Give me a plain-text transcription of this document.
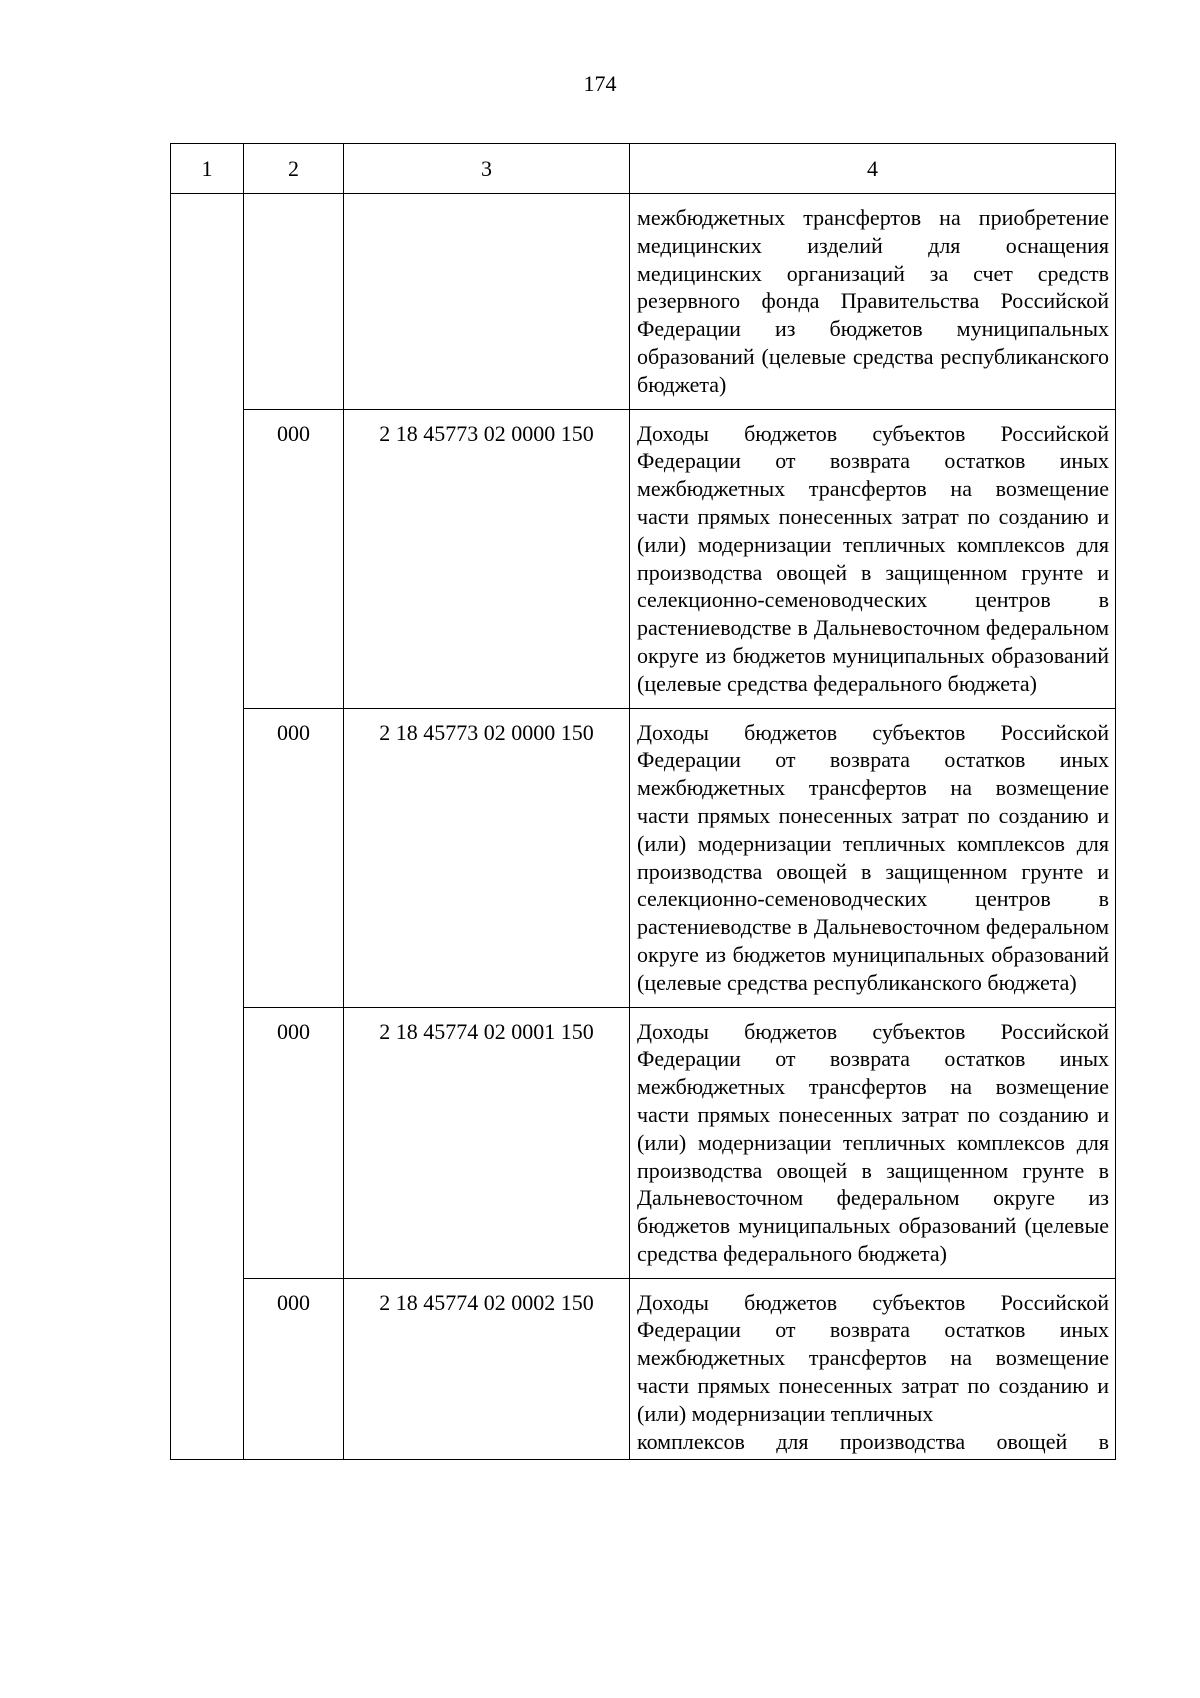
174
1	2	3	4
			межбюджетных трансфертов на приобретение медицинских изделий для оснащения медицинских организаций за счет средств резервного фонда Правительства Российской Федерации из бюджетов муниципальных образований (целевые средства республиканского бюджета)
	000	2 18 45773 02 0000 150	Доходы бюджетов субъектов Российской Федерации от возврата остатков иных межбюджетных трансфертов на возмещение части прямых понесенных затрат по созданию и (или) модернизации тепличных комплексов для производства овощей в защищенном грунте и селекционно-семеноводческих центров в растениеводстве в Дальневосточном федеральном округе из бюджетов муниципальных образований (целевые средства федерального бюджета)
	000	2 18 45773 02 0000 150	Доходы бюджетов субъектов Российской Федерации от возврата остатков иных межбюджетных трансфертов на возмещение части прямых понесенных затрат по созданию и (или) модернизации тепличных комплексов для производства овощей в защищенном грунте и селекционно-семеноводческих центров в растениеводстве в Дальневосточном федеральном округе из бюджетов муниципальных образований (целевые средства республиканского бюджета)
	000	2 18 45774 02 0001 150	Доходы бюджетов субъектов Российской Федерации от возврата остатков иных межбюджетных трансфертов на возмещение части прямых понесенных затрат по созданию и (или) модернизации тепличных комплексов для производства овощей в защищенном грунте в Дальневосточном федеральном округе из бюджетов муниципальных образований (целевые средства федерального бюджета)
	000	2 18 45774 02 0002 150	Доходы бюджетов субъектов Российской Федерации от возврата остатков иных межбюджетных трансфертов на возмещение части прямых понесенных затрат по созданию и (или) модернизации тепличных
комплексов для производства овощей в
